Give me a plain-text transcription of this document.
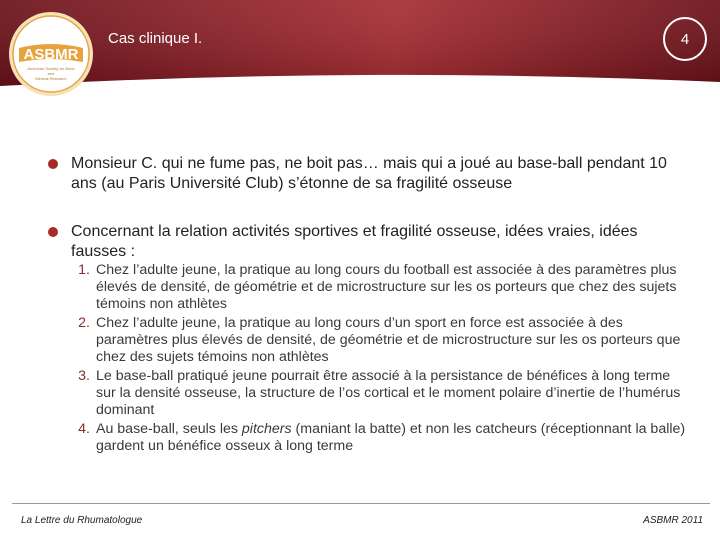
ASBMR
American Society for Bone
and
Mineral Research
Cas clinique I.	4
Monsieur C. qui ne fume pas, ne boit pas… mais qui a joué au base-ball pendant 10 ans (au Paris Université Club) s’étonne de sa fragilité osseuse
Concernant la relation activités sportives et fragilité osseuse, idées vraies, idées fausses :
1. Chez l’adulte jeune, la pratique au long cours du football est associée à des paramètres plus élevés de densité, de géométrie et de microstructure sur les os porteurs que chez des sujets témoins non athlètes
2. Chez l’adulte jeune, la pratique au long cours d’un sport en force est associée à des paramètres plus élevés de densité, de géométrie et de microstructure sur les os porteurs que chez des sujets témoins non athlètes
3. Le base-ball pratiqué jeune pourrait être associé à la persistance de bénéfices à long terme sur la densité osseuse, la structure de l’os cortical et le moment polaire d’inertie de l’humérus dominant
4. Au base-ball, seuls les pitchers (maniant la batte) et non les catcheurs (réceptionnant la balle) gardent un bénéfice osseux à long terme
La Lettre du Rhumatologue	ASBMR 2011
